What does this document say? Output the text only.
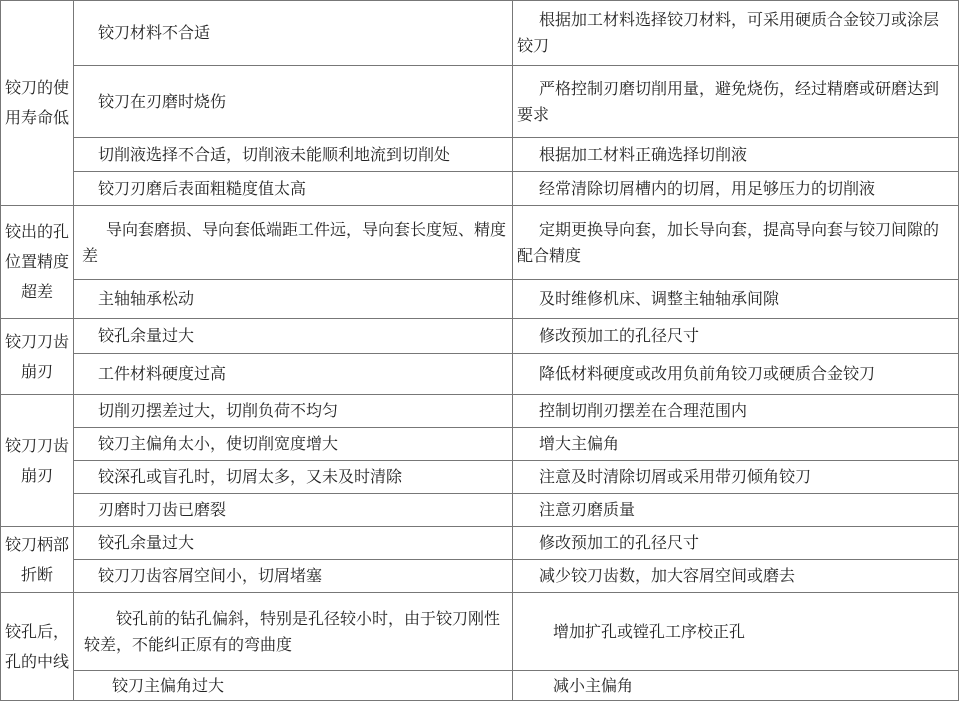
铰刀的使用寿命低	铰刀材料不合适	根据加工材料选择铰刀材料，可采用硬质合金铰刀或涂层铰刀
	铰刀在刃磨时烧伤	严格控制刃磨切削用量，避免烧伤，经过精磨或研磨达到要求
	切削液选择不合适，切削液未能顺利地流到切削处	根据加工材料正确选择切削液
	铰刀刃磨后表面粗糙度值太高	经常清除切屑槽内的切屑，用足够压力的切削液
铰出的孔位置精度超差	导向套磨损、导向套低端距工件远，导向套长度短、精度差	定期更换导向套，加长导向套，提高导向套与铰刀间隙的配合精度
	主轴轴承松动	及时维修机床、调整主轴轴承间隙
铰刀刀齿崩刃	铰孔余量过大	修改预加工的孔径尺寸
	工件材料硬度过高	降低材料硬度或改用负前角铰刀或硬质合金铰刀
铰刀刀齿崩刃	切削刃摆差过大，切削负荷不均匀	控制切削刃摆差在合理范围内
	铰刀主偏角太小，使切削宽度增大	增大主偏角
	铰深孔或盲孔时，切屑太多，又未及时清除	注意及时清除切屑或采用带刃倾角铰刀
	刃磨时刀齿已磨裂	注意刃磨质量
铰刀柄部折断	铰孔余量过大	修改预加工的孔径尺寸
	铰刀刀齿容屑空间小，切屑堵塞	减少铰刀齿数，加大容屑空间或磨去
铰孔后，孔的中线	铰孔前的钻孔偏斜，特别是孔径较小时，由于铰刀刚性较差，不能纠正原有的弯曲度	增加扩孔或镗孔工序校正孔
	铰刀主偏角过大	减小主偏角
